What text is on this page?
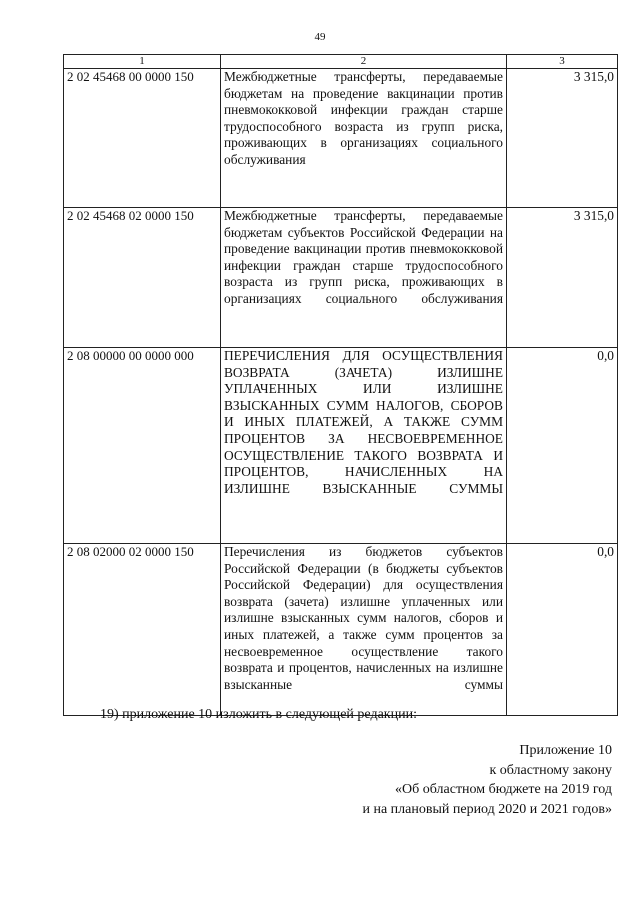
49
1	2	3
2 02 45468 00 0000 150	Межбюджетные трансферты, передаваемые бюджетам на проведение вакцинации против пневмококковой инфекции граждан старше трудоспособного возраста из групп риска, проживающих в организациях социального обслуживания	3 315,0
2 02 45468 02 0000 150	Межбюджетные трансферты, передаваемые бюджетам субъектов Российской Федерации на проведение вакцинации против пневмококковой инфекции граждан старше трудоспособного возраста из групп риска, проживающих в организациях социального обслуживания	3 315,0
2 08 00000 00 0000 000	ПЕРЕЧИСЛЕНИЯ ДЛЯ ОСУЩЕСТВЛЕНИЯ ВОЗВРАТА (ЗАЧЕТА) ИЗЛИШНЕ УПЛАЧЕННЫХ ИЛИ ИЗЛИШНЕ ВЗЫСКАННЫХ СУММ НАЛОГОВ, СБОРОВ И ИНЫХ ПЛАТЕЖЕЙ, А ТАКЖЕ СУММ ПРОЦЕНТОВ ЗА НЕСВОЕВРЕМЕННОЕ ОСУЩЕСТВЛЕНИЕ ТАКОГО ВОЗВРАТА И ПРОЦЕНТОВ, НАЧИСЛЕННЫХ НА ИЗЛИШНЕ ВЗЫСКАННЫЕ СУММЫ	0,0
2 08 02000 02 0000 150	Перечисления из бюджетов субъектов Российской Федерации (в бюджеты субъектов Российской Федерации) для осуществления возврата (зачета) излишне уплаченных или излишне взысканных сумм налогов, сборов и иных платежей, а также сумм процентов за несвоевременное осуществление такого возврата и процентов, начисленных на излишне взысканные суммы	0,0
19) приложение 10 изложить в следующей редакции:
Приложение 10
к областному закону
«Об областном бюджете на 2019 год
и на плановый период 2020 и 2021 годов»
